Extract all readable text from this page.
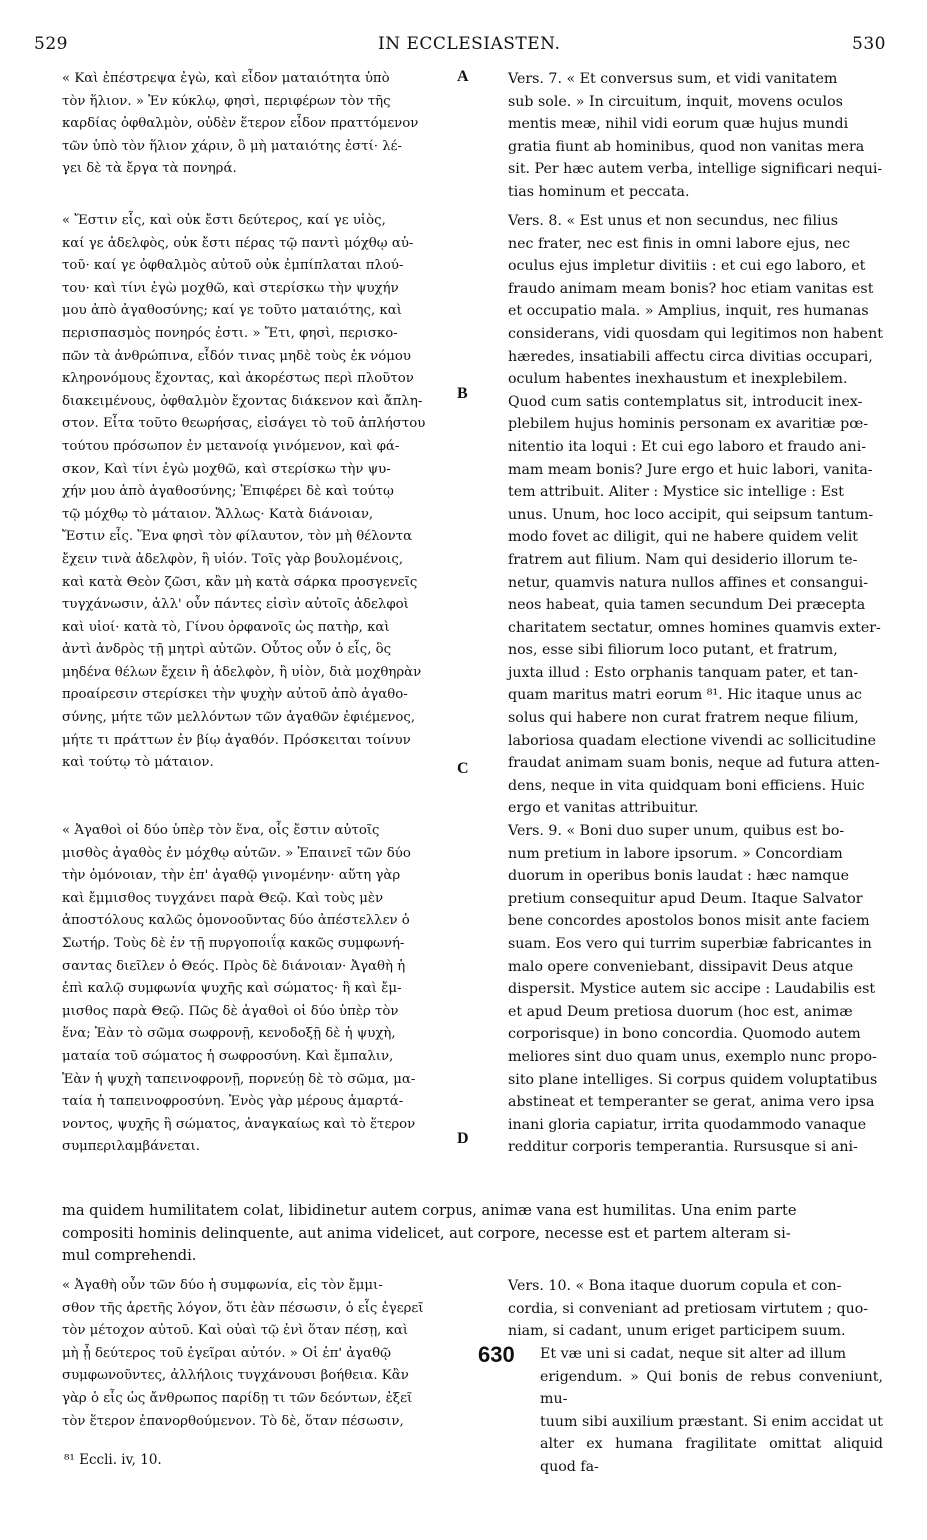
529	IN ECCLESIASTEN.	530

« Καὶ ἐπέστρεψα ἐγὼ, καὶ εἶδον ματαιότητα ὑπὸ
τὸν ἥλιον. » Ἐν κύκλῳ, φησὶ, περιφέρων τὸν τῆς
καρδίας ὀφθαλμὸν, οὐδὲν ἕτερον εἶδον πραττόμενον
τῶν ὑπὸ τὸν ἥλιον χάριν, ὃ μὴ ματαιότης ἐστί· λέ-
γει δὲ τὰ ἔργα τὰ πονηρά.

« Ἔστιν εἷς, καὶ οὐκ ἔστι δεύτερος, καί γε υἱὸς,
καί γε ἀδελφὸς, οὐκ ἔστι πέρας τῷ παντὶ μόχθῳ αὐ-
τοῦ· καί γε ὀφθαλμὸς αὐτοῦ οὐκ ἐμπίπλαται πλού-
του· καὶ τίνι ἐγὼ μοχθῶ, καὶ στερίσκω τὴν ψυχήν
μου ἀπὸ ἀγαθοσύνης; καί γε τοῦτο ματαιότης, καὶ
περισπασμὸς πονηρός ἐστι. » Ἔτι, φησὶ, περισκο-
πῶν τὰ ἀνθρώπινα, εἶδόν τινας μηδὲ τοὺς ἐκ νόμου
κληρονόμους ἔχοντας, καὶ ἀκορέστως περὶ πλοῦτον
διακειμένους, ὀφθαλμὸν ἔχοντας διάκενον καὶ ἄπλη-
στον. Εἶτα τοῦτο θεωρήσας, εἰσάγει τὸ τοῦ ἀπλήστου
τούτου πρόσωπον ἐν μετανοίᾳ γινόμενον, καὶ φά-
σκον, Καὶ τίνι ἐγὼ μοχθῶ, καὶ στερίσκω τὴν ψυ-
χήν μου ἀπὸ ἀγαθοσύνης; Ἐπιφέρει δὲ καὶ τούτῳ
τῷ μόχθῳ τὸ μάταιον. Ἄλλως· Κατὰ διάνοιαν,
Ἔστιν εἷς. Ἕνα φησὶ τὸν φίλαυτον, τὸν μὴ θέλοντα
ἔχειν τινὰ ἀδελφὸν, ἢ υἱόν. Τοῖς γὰρ βουλομένοις,
καὶ κατὰ Θεὸν ζῶσι, κἂν μὴ κατὰ σάρκα προσγενεῖς
τυγχάνωσιν, ἀλλ' οὖν πάντες εἰσὶν αὐτοῖς ἀδελφοὶ
καὶ υἱοί· κατὰ τὸ, Γίνου ὀρφανοῖς ὡς πατὴρ, καὶ
ἀντὶ ἀνδρὸς τῇ μητρὶ αὐτῶν. Οὗτος οὖν ὁ εἷς, ὃς
μηδένα θέλων ἔχειν ἢ ἀδελφὸν, ἢ υἱὸν, διὰ μοχθηρὰν
προαίρεσιν στερίσκει τὴν ψυχὴν αὐτοῦ ἀπὸ ἀγαθο-
σύνης, μήτε τῶν μελλόντων τῶν ἀγαθῶν ἐφιέμενος,
μήτε τι πράττων ἐν βίῳ ἀγαθόν. Πρόσκειται τοίνυν
καὶ τούτῳ τὸ μάταιον.

« Ἀγαθοὶ οἱ δύο ὑπὲρ τὸν ἕνα, οἷς ἔστιν αὐτοῖς
μισθὸς ἀγαθὸς ἐν μόχθῳ αὐτῶν. » Ἐπαινεῖ τῶν δύο
τὴν ὁμόνοιαν, τὴν ἐπ' ἀγαθῷ γινομένην· αὕτη γὰρ
καὶ ἔμμισθος τυγχάνει παρὰ Θεῷ. Καὶ τοὺς μὲν
ἀποστόλους καλῶς ὁμονοοῦντας δύο ἀπέστελλεν ὁ
Σωτήρ. Τοὺς δὲ ἐν τῇ πυργοποιΐᾳ κακῶς συμφωνή-
σαντας διεῖλεν ὁ Θεός. Πρὸς δὲ διάνοιαν· Ἀγαθὴ ἡ
ἐπὶ καλῷ συμφωνία ψυχῆς καὶ σώματος· ἣ καὶ ἔμ-
μισθος παρὰ Θεῷ. Πῶς δὲ ἀγαθοὶ οἱ δύο ὑπὲρ τὸν
ἕνα; Ἐὰν τὸ σῶμα σωφρονῇ, κενοδοξῇ δὲ ἡ ψυχὴ,
ματαία τοῦ σώματος ἡ σωφροσύνη. Καὶ ἔμπαλιν,
Ἐὰν ἡ ψυχὴ ταπεινοφρονῇ, πορνεύῃ δὲ τὸ σῶμα, μα-
ταία ἡ ταπεινοφροσύνη. Ἑνὸς γὰρ μέρους ἁμαρτά-
νοντος, ψυχῆς ἢ σώματος, ἀναγκαίως καὶ τὸ ἕτερον
συμπεριλαμβάνεται.

« Ἀγαθὴ οὖν τῶν δύο ἡ συμφωνία, εἰς τὸν ἔμμι-
σθον τῆς ἀρετῆς λόγον, ὅτι ἐὰν πέσωσιν, ὁ εἷς ἐγερεῖ
τὸν μέτοχον αὐτοῦ. Καὶ οὐαὶ τῷ ἑνὶ ὅταν πέσῃ, καὶ
μὴ ᾖ δεύτερος τοῦ ἐγεῖραι αὐτόν. » Οἱ ἐπ' ἀγαθῷ
συμφωνοῦντες, ἀλλήλοις τυγχάνουσι βοήθεια. Κἂν
γὰρ ὁ εἷς ὡς ἄνθρωπος παρίδῃ τι τῶν δεόντων, ἐξεῖ
τὸν ἕτερον ἐπανορθούμενον. Τὸ δὲ, ὅταν πέσωσιν,

Vers. 7. « Et conversus sum, et vidi vanitatem
sub sole. » In circuitum, inquit, movens oculos
mentis meæ, nihil vidi eorum quæ hujus mundi
gratia fiunt ab hominibus, quod non vanitas mera
sit. Per hæc autem verba, intellige significari nequi-
tias hominum et peccata.

Vers. 8. « Est unus et non secundus, nec filius
nec frater, nec est finis in omni labore ejus, nec
oculus ejus impletur divitiis : et cui ego laboro, et
fraudo animam meam bonis? hoc etiam vanitas est
et occupatio mala. » Amplius, inquit, res humanas
considerans, vidi quosdam qui legitimos non habent
hæredes, insatiabili affectu circa divitias occupari,
oculum habentes inexhaustum et inexplebilem.
Quod cum satis contemplatus sit, introducit inex-
plebilem hujus hominis personam ex avaritiæ pœ-
nitentio ita loqui : Et cui ego laboro et fraudo ani-
mam meam bonis? Jure ergo et huic labori, vanita-
tem attribuit. Aliter : Mystice sic intellige : Est
unus. Unum, hoc loco accipit, qui seipsum tantum-
modo fovet ac diligit, qui ne habere quidem velit
fratrem aut filium. Nam qui desiderio illorum te-
netur, quamvis natura nullos affines et consangui-
neos habeat, quia tamen secundum Dei præcepta
charitatem sectatur, omnes homines quamvis exter-
nos, esse sibi filiorum loco putant, et fratrum,
juxta illud : Esto orphanis tanquam pater, et tan-
quam maritus matri eorum ⁸¹. Hic itaque unus ac
solus qui habere non curat fratrem neque filium,
laboriosa quadam electione vivendi ac sollicitudine
fraudat animam suam bonis, neque ad futura atten-
dens, neque in vita quidquam boni efficiens. Huic
ergo et vanitas attribuitur.

Vers. 9. « Boni duo super unum, quibus est bo-
num pretium in labore ipsorum. » Concordiam
duorum in operibus bonis laudat : hæc namque
pretium consequitur apud Deum. Itaque Salvator
bene concordes apostolos bonos misit ante faciem
suam. Eos vero qui turrim superbiæ fabricantes in
malo opere conveniebant, dissipavit Deus atque
dispersit. Mystice autem sic accipe : Laudabilis est
et apud Deum pretiosa duorum (hoc est, animæ
corporisque) in bono concordia. Quomodo autem
meliores sint duo quam unus, exemplo nunc propo-
sito plane intelliges. Si corpus quidem voluptatibus
abstineat et temperanter se gerat, anima vero ipsa
inani gloria capiatur, irrita quodammodo vanaque
redditur corporis temperantia. Rursusque si ani-

ma quidem humilitatem colat, libidinetur autem corpus, animæ vana est humilitas. Una enim parte
compositi hominis delinquente, aut anima videlicet, aut corpore, necesse est et partem alteram si-
mul comprehendi.

Vers. 10. « Bona itaque duorum copula et con-
cordia, si conveniant ad pretiosam virtutem ; quo-
niam, si cadant, unum eriget participem suum.

630 Et væ uni si cadat, neque sit alter ad illum
erigendum. » Qui bonis de rebus conveniunt, mu-
tuum sibi auxilium præstant. Si enim accidat ut
alter ex humana fragilitate omittat aliquid quod fa-

A
B
C
D
⁸¹ Eccli. iv, 10.
